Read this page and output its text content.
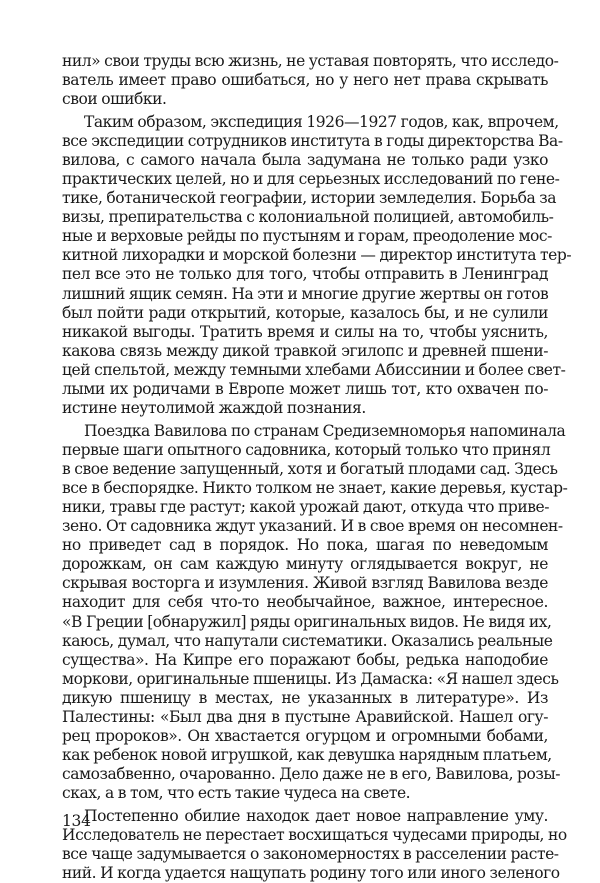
нил» свои труды всю жизнь, не уставая повторять, что исследо-
ватель имеет право ошибаться, но у него нет права скрывать
свои ошибки.
Таким образом, экспедиция 1926—1927 годов, как, впрочем,
все экспедиции сотрудников института в годы директорства Ва-
вилова, с самого начала была задумана не только ради узко
практических целей, но и для серьезных исследований по гене-
тике, ботанической географии, истории земледелия. Борьба за
визы, препирательства с колониальной полицией, автомобиль-
ные и верховые рейды по пустыням и горам, преодоление мос-
китной лихорадки и морской болезни — директор института тер-
пел все это не только для того, чтобы отправить в Ленинград
лишний ящик семян. На эти и многие другие жертвы он готов
был пойти ради открытий, которые, казалось бы, и не сулили
никакой выгоды. Тратить время и силы на то, чтобы уяснить,
какова связь между дикой травкой эгилопс и древней пшени-
цей спельтой, между темными хлебами Абиссинии и более свет-
лыми их родичами в Европе может лишь тот, кто охвачен по-
истине неутолимой жаждой познания.
Поездка Вавилова по странам Средиземноморья напоминала
первые шаги опытного садовника, который только что принял
в свое ведение запущенный, хотя и богатый плодами сад. Здесь
все в беспорядке. Никто толком не знает, какие деревья, кустар-
ники, травы где растут; какой урожай дают, откуда что приве-
зено. От садовника ждут указаний. И в свое время он несомнен-
но приведет сад в порядок. Но пока, шагая по неведомым
дорожкам, он сам каждую минуту оглядывается вокруг, не
скрывая восторга и изумления. Живой взгляд Вавилова везде
находит для себя что-то необычайное, важное, интересное.
«В Греции [обнаружил] ряды оригинальных видов. Не видя их,
каюсь, думал, что напутали систематики. Оказались реальные
существа». На Кипре его поражают бобы, редька наподобие
моркови, оригинальные пшеницы. Из Дамаска: «Я нашел здесь
дикую пшеницу в местах, не указанных в литературе». Из
Палестины: «Был два дня в пустыне Аравийской. Нашел огу-
рец пророков». Он хвастается огурцом и огромными бобами,
как ребенок новой игрушкой, как девушка нарядным платьем,
самозабвенно, очарованно. Дело даже не в его, Вавилова, розы-
сках, а в том, что есть такие чудеса на свете.
Постепенно обилие находок дает новое направление уму.
Исследователь не перестает восхищаться чудесами природы, но
все чаще задумывается о закономерностях в расселении расте-
ний. И когда удается нащупать родину того или иного зеленого
134
